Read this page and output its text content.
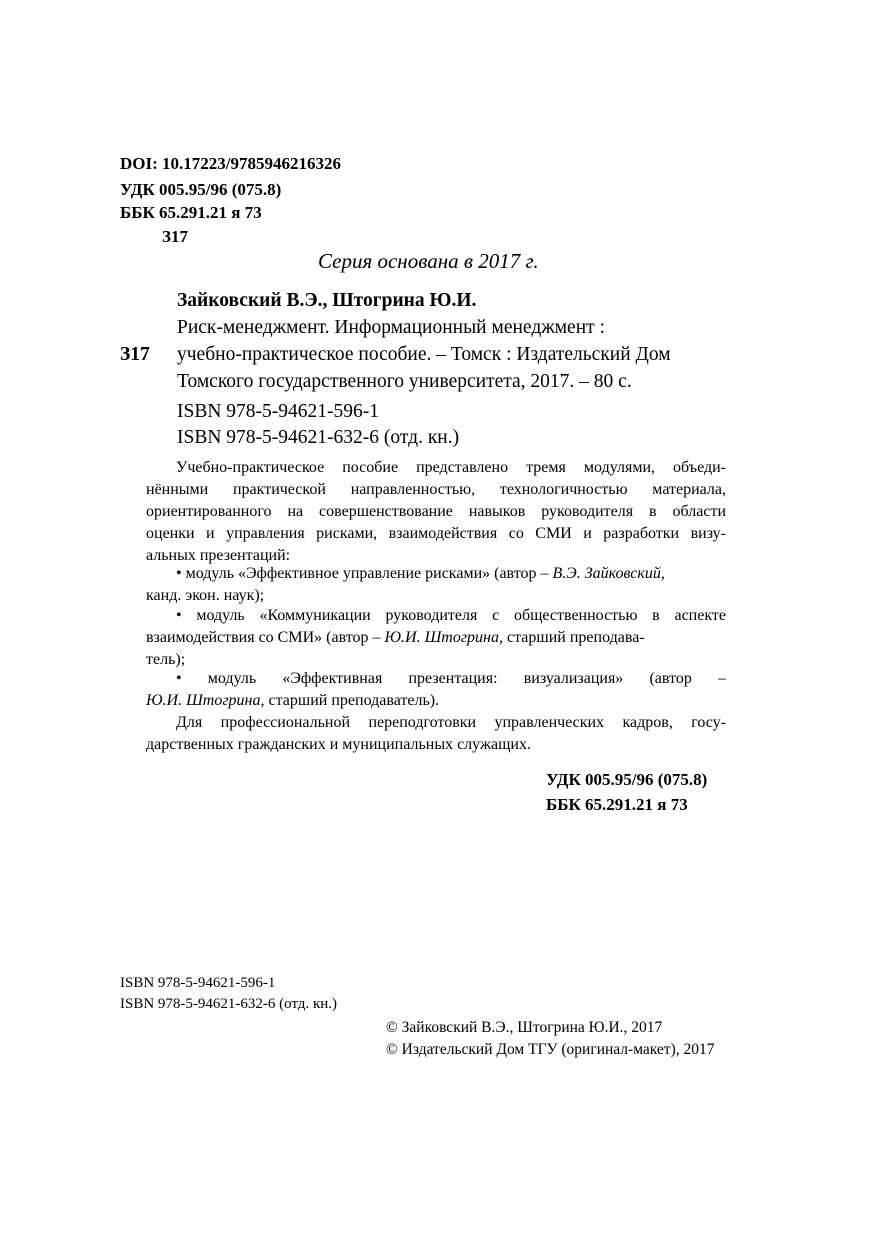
DOI: 10.17223/9785946216326
УДК 005.95/96 (075.8)
ББК 65.291.21 я 73
З17
Серия основана в 2017 г.
Зайковский В.Э., Штогрина Ю.И.
Риск-менеджмент. Информационный менеджмент :
З17 учебно-практическое пособие. – Томск : Издательский Дом
Томского государственного университета, 2017. – 80 с.
ISBN 978-5-94621-596-1
ISBN 978-5-94621-632-6 (отд. кн.)
Учебно-практическое пособие представлено тремя модулями, объеди-
нёнными практической направленностью, технологичностью материала,
ориентированного на совершенствование навыков руководителя в области
оценки и управления рисками, взаимодействия со СМИ и разработки визу-
альных презентаций:
• модуль «Эффективное управление рисками» (автор – В.Э. Зайковский,
канд. экон. наук);
• модуль «Коммуникации руководителя с общественностью в аспекте
взаимодействия со СМИ» (автор – Ю.И. Штогрина, старший преподава-
тель);
• модуль «Эффективная презентация: визуализация» (автор –
Ю.И. Штогрина, старший преподаватель).
Для профессиональной переподготовки управленческих кадров, госу-
дарственных гражданских и муниципальных служащих.
УДК 005.95/96 (075.8)
ББК 65.291.21 я 73
ISBN 978-5-94621-596-1
ISBN 978-5-94621-632-6 (отд. кн.)
© Зайковский В.Э., Штогрина Ю.И., 2017
© Издательский Дом ТГУ (оригинал-макет), 2017
